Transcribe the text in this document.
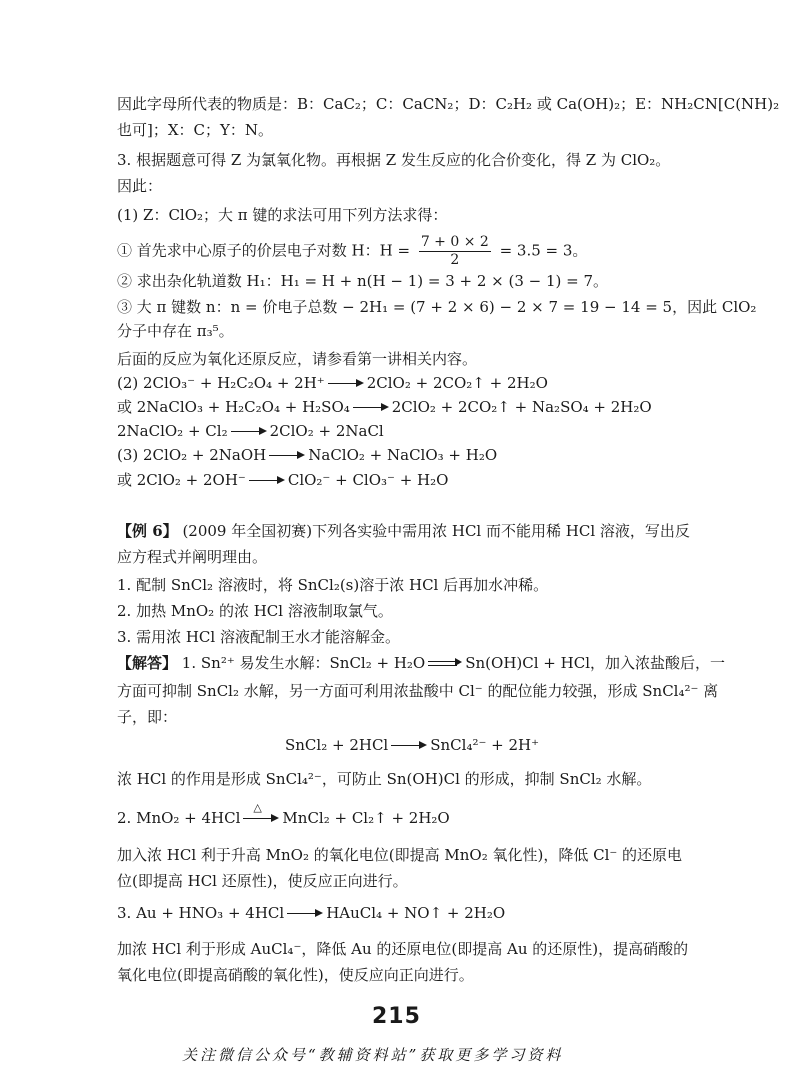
因此字母所代表的物质是：B：CaC₂；C：CaCN₂；D：C₂H₂ 或 Ca(OH)₂；E：NH₂CN[C(NH)₂
也可]；X：C；Y：N。
3. 根据题意可得 Z 为氯氧化物。再根据 Z 发生反应的化合价变化，得 Z 为 ClO₂。
因此：
(1) Z：ClO₂；大 π 键的求法可用下列方法求得：
① 首先求中心原子的价层电子对数 H：$H = \frac{7 + 0 \times 2}{2} = 3.5 = 3$。
② 求出杂化轨道数 H₁：H₁ = H + n(H − 1) = 3 + 2 × (3 − 1) = 7。
③ 大 π 键数 n：n = 价电子总数 − 2H₁ = (7 + 2 × 6) − 2 × 7 = 19 − 14 = 5，因此 ClO₂
分子中存在 π₃⁵。
后面的反应为氧化还原反应，请参看第一讲相关内容。
(2) 2ClO₃⁻ + H₂C₂O₄ + 2H⁺	2ClO₂ + 2CO₂↑ + 2H₂O
或 2NaClO₃ + H₂C₂O₄ + H₂SO₄	2ClO₂ + 2CO₂↑ + Na₂SO₄ + 2H₂O
2NaClO₂ + Cl₂	2ClO₂ + 2NaCl
(3) 2ClO₂ + 2NaOH	NaClO₂ + NaClO₃ + H₂O
或 2ClO₂ + 2OH⁻	ClO₂⁻ + ClO₃⁻ + H₂O
【例 6】 (2009 年全国初赛)下列各实验中需用浓 HCl 而不能用稀 HCl 溶液，写出反
应方程式并阐明理由。
1. 配制 SnCl₂ 溶液时，将 SnCl₂(s)溶于浓 HCl 后再加水冲稀。
2. 加热 MnO₂ 的浓 HCl 溶液制取氯气。
3. 需用浓 HCl 溶液配制王水才能溶解金。
【解答】 1. Sn²⁺ 易发生水解：SnCl₂ + H₂O	Sn(OH)Cl + HCl，加入浓盐酸后，一
方面可抑制 SnCl₂ 水解，另一方面可利用浓盐酸中 Cl⁻ 的配位能力较强，形成 SnCl₄²⁻ 离
子，即：
SnCl₂ + 2HCl	SnCl₄²⁻ + 2H⁺
浓 HCl 的作用是形成 SnCl₄²⁻，可防止 Sn(OH)Cl 的形成，抑制 SnCl₂ 水解。
2. MnO₂ + 4HCl
△
MnCl₂ + Cl₂↑ + 2H₂O
加入浓 HCl 利于升高 MnO₂ 的氧化电位(即提高 MnO₂ 氧化性)，降低 Cl⁻ 的还原电
位(即提高 HCl 还原性)，使反应正向进行。
3. Au + HNO₃ + 4HCl	HAuCl₄ + NO↑ + 2H₂O
加浓 HCl 利于形成 AuCl₄⁻，降低 Au 的还原电位(即提高 Au 的还原性)，提高硝酸的
氧化电位(即提高硝酸的氧化性)，使反应向正向进行。
215
关注微信公众号“教辅资料站”获取更多学习资料
